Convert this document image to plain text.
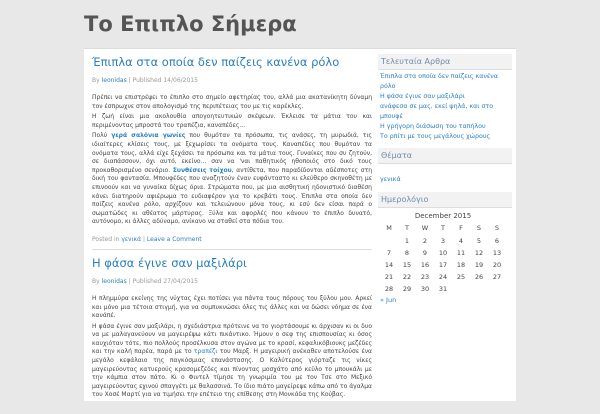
Το Επιπλο Σήμερα
Έπιπλα στα οποία δεν παίζεις κανένα ρόλο
By leonidas | Published 14/06/2015

Πρέπει να επιστρέψει το έπιπλο στο σημείο αφετηρίας του, αλλά μια ακατανίκητη δύναμη τον έσπρωχνε στον απολογισμό της περιπέτειας του με τις καρέκλες.

Η ζωή είναι μια ακολουθία απογοητευτικών σκέψεων. Έκλεισε τα μάτια του και περιμένοντας μπροστά του τραπέζια, καναπέδες...

Πολύ γερά σαλόνια γωνίες που θυμόταν τα πρόσωπα, τις ανάσες, τη μυρωδιά, τις ιδιαίτερες κλίσεις τους, με ξεχωρίσει τα ονόματα τους. Καναπέδες που θυμόταν τα ονόματα τους, αλλά είχε ξεχάσει τα πρόσωπα και τα μάτια τους. Γυναίκες που συ ζητούν, σε διαπάσσουν, όχι αυτό, εκείνο... σαν να 'ναι παθητικός ηθοποιός στο δικό τους προκαθορισμένο σενάριο. Συνθέσεις τοίχου, αντίθετα, που παραδίδονται αδέσποτες στη δική του φαντασία. Μπουφέδες που αναζητούν έναν ευφάνταστο κι ελεύθερο σκηνοθέτη με επινοούν και να γυναίκα δίχως όρια. Στρώματα που, με μια αισθητική ηδονιστικό διαθέση κάνει διατηρούν αφιέρωμα το ευδιαφέρον για το κρεβάτι τους. Έπιπλα στα οποία δεν παίζεις κανένα ρόλο, αρχίζουν και τελειώνουν μόνα τους, κι εσύ δεν είσαι παρά ο σωματώδες κι αθέατος μάρτυρας. Ξύλα και αφορλές που κάνουν το έπιπλο δυνατό, αυτόνομο, κι άλλες αδύναμο, ανίκανο να σταθεί στα πόδια του.

Posted in γενικά | Leave a Comment
Η φάσα έγινε σαν μαξιλάρι
By leonidas | Published 27/04/2015

Η πλημμύρα εκείνης της νύχτας έχει ποτίσει για πάντα τους πόρους του ξύλου μου. Αρκεί και μόνο μια τέτοια στιγμή, για να συμπυκνώσει όλες τις άλλες και να δώσει νόημα σε ένα κανάπέ.

Η φάσα έγινε σαν μαξιλάρι, η σχεδιάστρια πρότεινε να το γιορτάσουμε κι άρχισαν κι οι δυο να με μαλαγανεύουν να μαγειρέψω κάτι πικάντικο. Ήμουν ο σεφ της επισπουσίας κι όσος καυχιόταν τότε, πιο πολλούς προσέλκυσα στον αγώνα με το κρασί, κεφαλικόβιουκς μεζέδες και την καλή παρέα, παρά με το τραπέζι του Μαρξ. Η μαγειρική ανέκαθεν αποτελούσε ένα μεγάλο κεφάλαιο της παγκόσμιας επανάστασης. Ο Καλύτερος γιόρταζε τις νίκες μαγειρεύοντας κατυερούς κρασομεζέδες και πίνοντας μοσχάτο από κεϋλο το μπουκάλι με την κάμπια στον πάτο. Κι ο Φιντελ τίμησε τη γνωριμία του με τον Τσε στο Μεξικό μαγειρεύοντας εχινού σπαγγέτι με θαλασσινά. Το ίδιο πιάτο μαγείρεψε κάπω από το άγαλμα του Χοσέ Μαρτί για να τιμήσει την επέτειο της επίθεσης στη Μονκάδα της Κούβας.

Τελευταία Αρθρα
Έπιπλα στα οποία δεν παίζεις κανένα ρόλο
Η φάσα έγινε σαν μαξιλάρι
ανάφεσα σε μας, εκεί ψηλά, και στο μπουφέ
Η γρήγορη διάσωση του ταπήλου
Το ρπίτι με τους μεγάλους χώρους
Θέματα
γενικά
Ημερολόγιο
December 2015
M	T	W	T	F	S	S
	1	2	3	4	5	6
7	8	9	10	11	12	13
14	15	16	17	18	19	20
21	22	23	24	25	26	27
28	29	30	31			
« Jun
